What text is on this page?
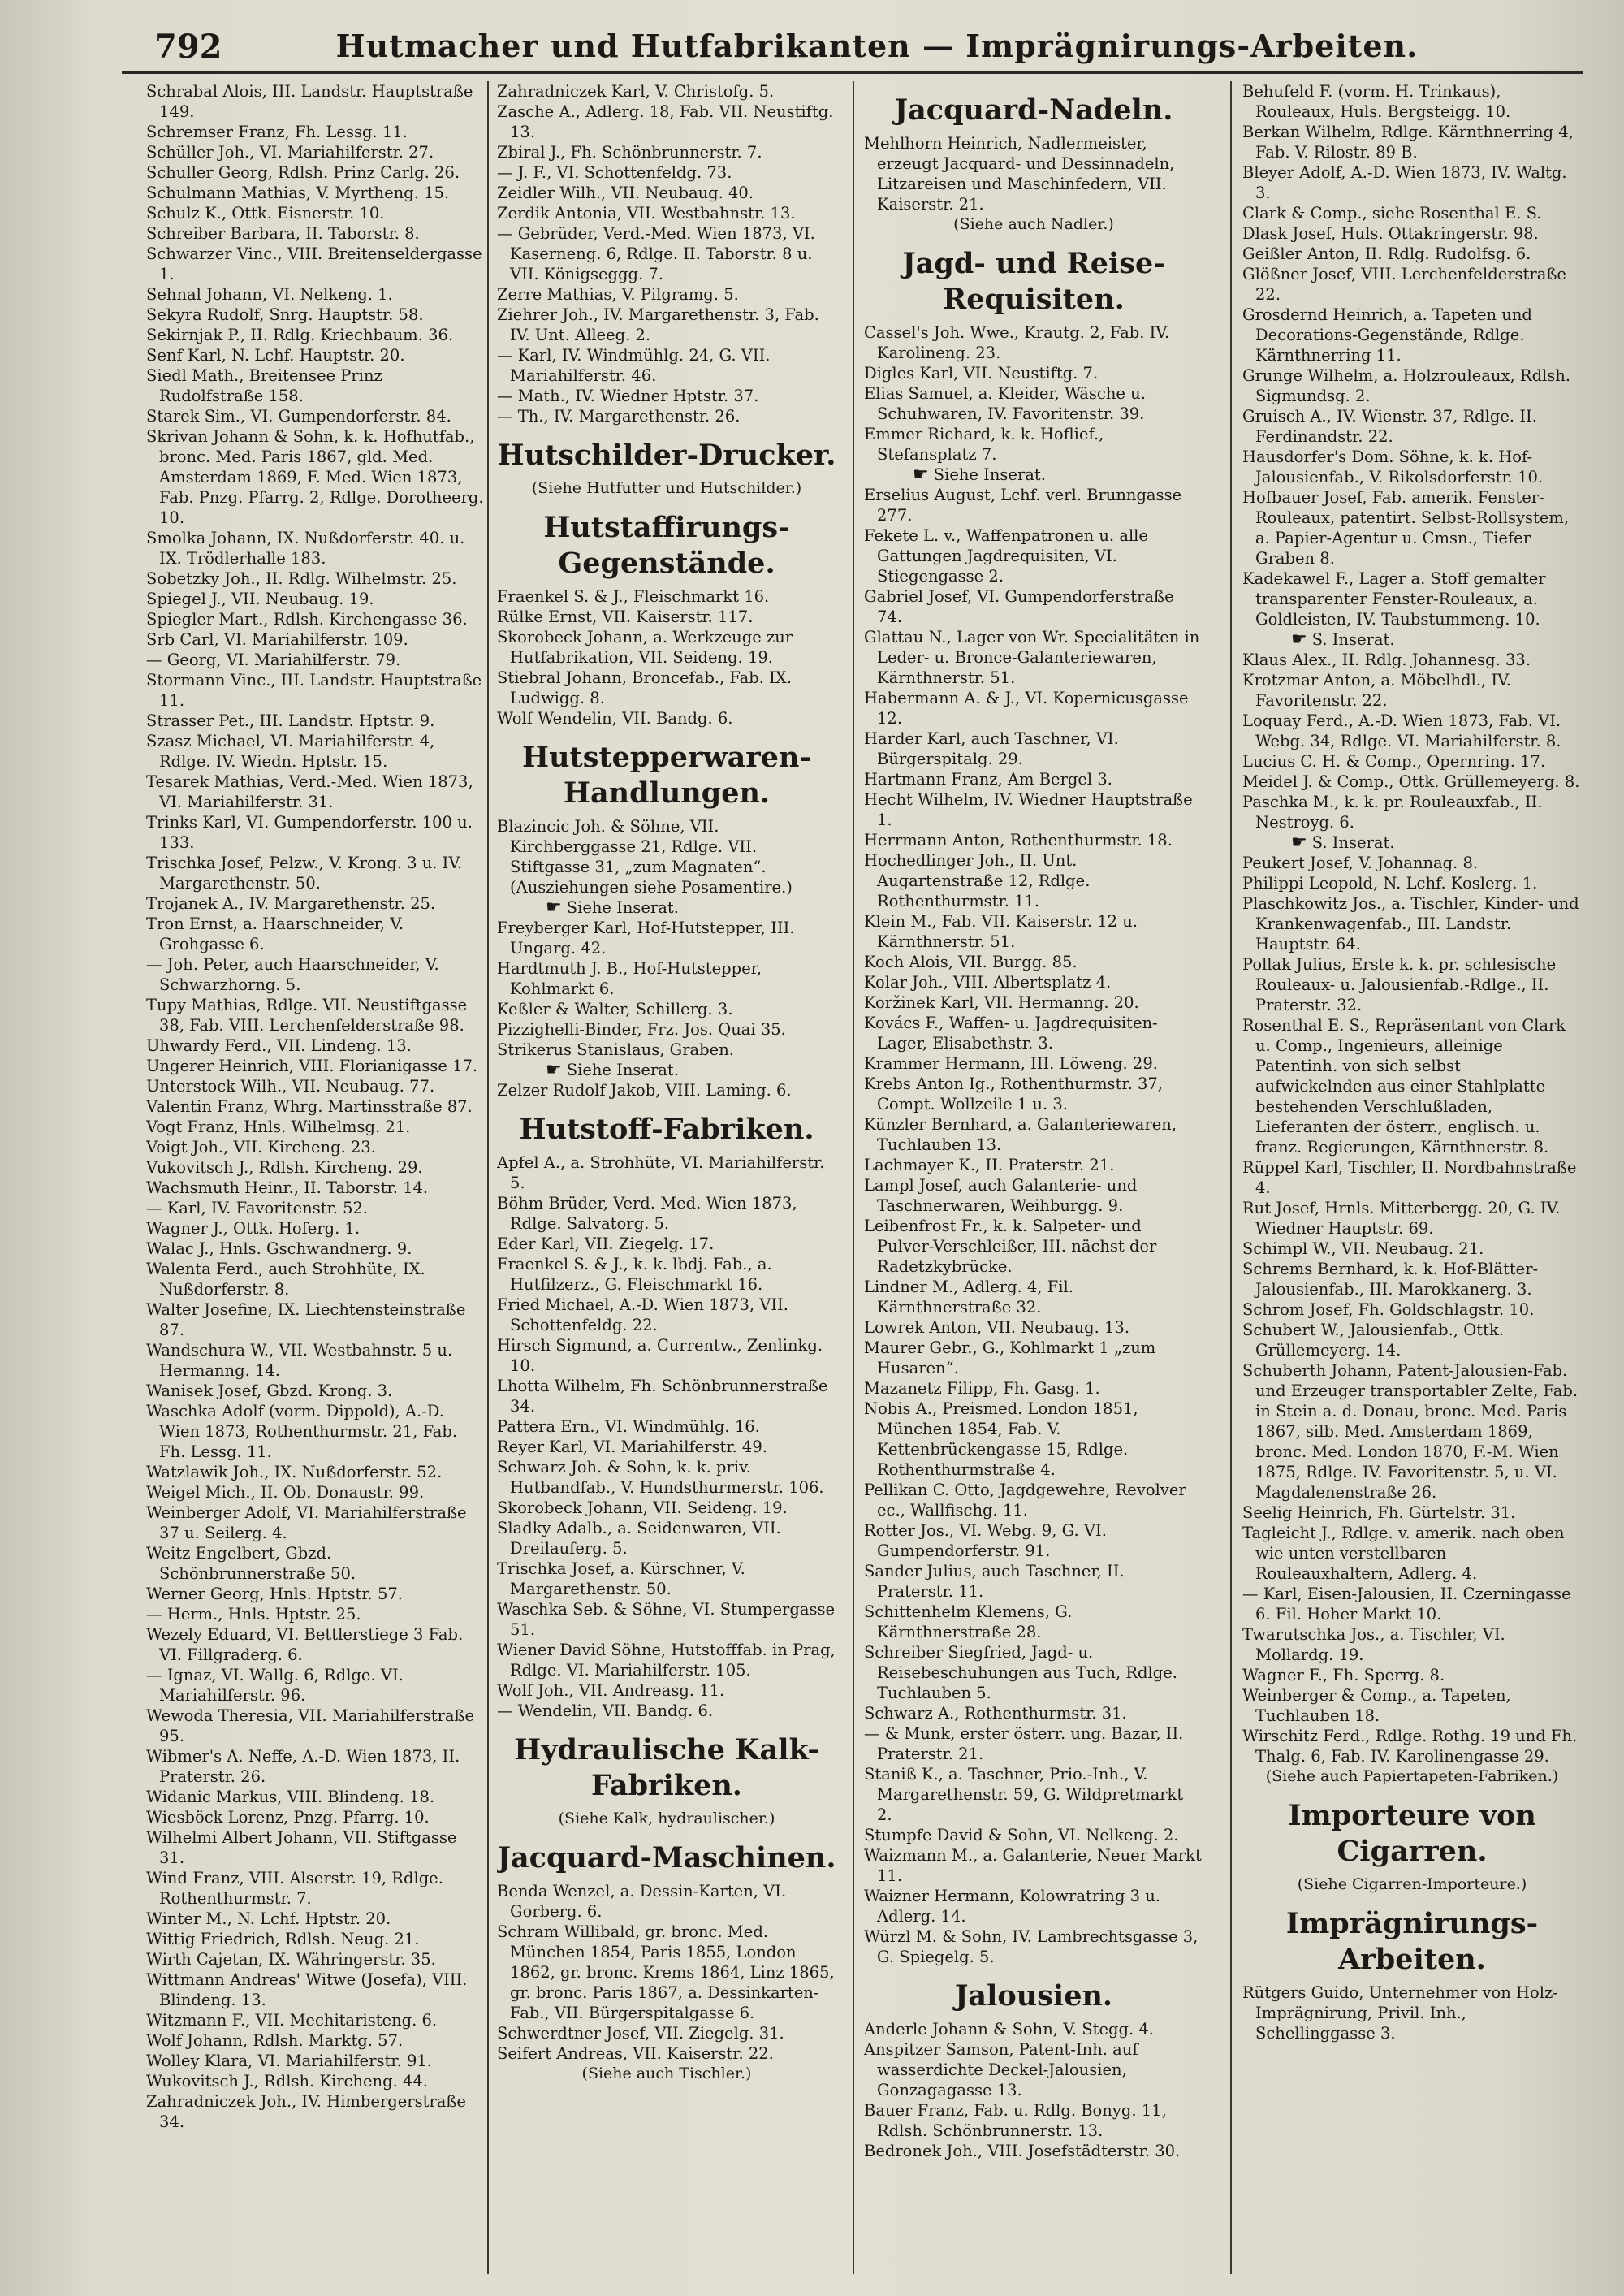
792	Hutmacher und Hutfabrikanten — Imprägnirungs-Arbeiten.

Schrabal Alois, III. Landstr. Hauptstraße 149.

Schremser Franz, Fh. Lessg. 11.

Schüller Joh., VI. Mariahilferstr. 27.

Schuller Georg, Rdlsh. Prinz Carlg. 26.

Schulmann Mathias, V. Myrtheng. 15.

Schulz K., Ottk. Eisnerstr. 10.

Schreiber Barbara, II. Taborstr. 8.

Schwarzer Vinc., VIII. Breitenseldergasse 1.

Sehnal Johann, VI. Nelkeng. 1.

Sekyra Rudolf, Snrg. Hauptstr. 58.

Sekirnjak P., II. Rdlg. Kriechbaum. 36.

Senf Karl, N. Lchf. Hauptstr. 20.

Siedl Math., Breitensee Prinz Rudolfstraße 158.

Starek Sim., VI. Gumpendorferstr. 84.

Skrivan Johann & Sohn, k. k. Hofhutfab., bronc. Med. Paris 1867, gld. Med. Amsterdam 1869, F. Med. Wien 1873, Fab. Pnzg. Pfarrg. 2, Rdlge. Dorotheerg. 10.

Smolka Johann, IX. Nußdorferstr. 40. u. IX. Trödlerhalle 183.

Sobetzky Joh., II. Rdlg. Wilhelmstr. 25.

Spiegel J., VII. Neubaug. 19.

Spiegler Mart., Rdlsh. Kirchengasse 36.

Srb Carl, VI. Mariahilferstr. 109.

— Georg, VI. Mariahilferstr. 79.

Stormann Vinc., III. Landstr. Hauptstraße 11.

Strasser Pet., III. Landstr. Hptstr. 9.

Szasz Michael, VI. Mariahilferstr. 4, Rdlge. IV. Wiedn. Hptstr. 15.

Tesarek Mathias, Verd.-Med. Wien 1873, VI. Mariahilferstr. 31.

Trinks Karl, VI. Gumpendorferstr. 100 u. 133.

Trischka Josef, Pelzw., V. Krong. 3 u. IV. Margarethenstr. 50.

Trojanek A., IV. Margarethenstr. 25.

Tron Ernst, a. Haarschneider, V. Grohgasse 6.

— Joh. Peter, auch Haarschneider, V. Schwarzhorng. 5.

Tupy Mathias, Rdlge. VII. Neustiftgasse 38, Fab. VIII. Lerchenfelderstraße 98.

Uhwardy Ferd., VII. Lindeng. 13.

Ungerer Heinrich, VIII. Florianigasse 17.

Unterstock Wilh., VII. Neubaug. 77.

Valentin Franz, Whrg. Martinsstraße 87.

Vogt Franz, Hnls. Wilhelmsg. 21.

Voigt Joh., VII. Kircheng. 23.

Vukovitsch J., Rdlsh. Kircheng. 29.

Wachsmuth Heinr., II. Taborstr. 14.

— Karl, IV. Favoritenstr. 52.

Wagner J., Ottk. Hoferg. 1.

Walac J., Hnls. Gschwandnerg. 9.

Walenta Ferd., auch Strohhüte, IX. Nußdorferstr. 8.

Walter Josefine, IX. Liechtensteinstraße 87.

Wandschura W., VII. Westbahnstr. 5 u. Hermanng. 14.

Wanisek Josef, Gbzd. Krong. 3.

Waschka Adolf (vorm. Dippold), A.-D. Wien 1873, Rothenthurmstr. 21, Fab. Fh. Lessg. 11.

Watzlawik Joh., IX. Nußdorferstr. 52.

Weigel Mich., II. Ob. Donaustr. 99.

Weinberger Adolf, VI. Mariahilferstraße 37 u. Seilerg. 4.

Weitz Engelbert, Gbzd. Schönbrunnerstraße 50.

Werner Georg, Hnls. Hptstr. 57.

— Herm., Hnls. Hptstr. 25.

Wezely Eduard, VI. Bettlerstiege 3 Fab. VI. Fillgraderg. 6.

— Ignaz, VI. Wallg. 6, Rdlge. VI. Mariahilferstr. 96.

Wewoda Theresia, VII. Mariahilferstraße 95.

Wibmer's A. Neffe, A.-D. Wien 1873, II. Praterstr. 26.

Widanic Markus, VIII. Blindeng. 18.

Wiesböck Lorenz, Pnzg. Pfarrg. 10.

Wilhelmi Albert Johann, VII. Stiftgasse 31.

Wind Franz, VIII. Alserstr. 19, Rdlge. Rothenthurmstr. 7.

Winter M., N. Lchf. Hptstr. 20.

Wittig Friedrich, Rdlsh. Neug. 21.

Wirth Cajetan, IX. Währingerstr. 35.

Wittmann Andreas' Witwe (Josefa), VIII. Blindeng. 13.

Witzmann F., VII. Mechitaristeng. 6.

Wolf Johann, Rdlsh. Marktg. 57.

Wolley Klara, VI. Mariahilferstr. 91.

Wukovitsch J., Rdlsh. Kircheng. 44.

Zahradniczek Joh., IV. Himbergerstraße 34.

Zahradniczek Karl, V. Christofg. 5.

Zasche A., Adlerg. 18, Fab. VII. Neustiftg. 13.

Zbiral J., Fh. Schönbrunnerstr. 7.

— J. F., VI. Schottenfeldg. 73.

Zeidler Wilh., VII. Neubaug. 40.

Zerdik Antonia, VII. Westbahnstr. 13.

— Gebrüder, Verd.-Med. Wien 1873, VI. Kaserneng. 6, Rdlge. II. Taborstr. 8 u. VII. Königseggg. 7.

Zerre Mathias, V. Pilgramg. 5.

Ziehrer Joh., IV. Margarethenstr. 3, Fab. IV. Unt. Alleeg. 2.

— Karl, IV. Windmühlg. 24, G. VII. Mariahilferstr. 46.

— Math., IV. Wiedner Hptstr. 37.

— Th., IV. Margarethenstr. 26.

Hutschilder-Drucker.

(Siehe Hutfutter und Hutschilder.)

Hutstaffirungs-Gegenstände.

Fraenkel S. & J., Fleischmarkt 16.

Rülke Ernst, VII. Kaiserstr. 117.

Skorobeck Johann, a. Werkzeuge zur Hutfabrikation, VII. Seideng. 19.

Stiebral Johann, Broncefab., Fab. IX. Ludwigg. 8.

Wolf Wendelin, VII. Bandg. 6.

Hutstepperwaren-Handlungen.

Blazincic Joh. & Söhne, VII. Kirchberggasse 21, Rdlge. VII. Stiftgasse 31, „zum Magnaten“. (Ausziehungen siehe Posamentire.)

☛ Siehe Inserat.

Freyberger Karl, Hof-Hutstepper, III. Ungarg. 42.

Hardtmuth J. B., Hof-Hutstepper, Kohlmarkt 6.

Keßler & Walter, Schillerg. 3.

Pizzighelli-Binder, Frz. Jos. Quai 35.

Strikerus Stanislaus, Graben.

☛ Siehe Inserat.

Zelzer Rudolf Jakob, VIII. Laming. 6.

Hutstoff-Fabriken.

Apfel A., a. Strohhüte, VI. Mariahilferstr. 5.

Böhm Brüder, Verd. Med. Wien 1873, Rdlge. Salvatorg. 5.

Eder Karl, VII. Ziegelg. 17.

Fraenkel S. & J., k. k. lbdj. Fab., a. Hutfilzerz., G. Fleischmarkt 16.

Fried Michael, A.-D. Wien 1873, VII. Schottenfeldg. 22.

Hirsch Sigmund, a. Currentw., Zenlinkg. 10.

Lhotta Wilhelm, Fh. Schönbrunnerstraße 34.

Pattera Ern., VI. Windmühlg. 16.

Reyer Karl, VI. Mariahilferstr. 49.

Schwarz Joh. & Sohn, k. k. priv. Hutbandfab., V. Hundsthurmerstr. 106.

Skorobeck Johann, VII. Seideng. 19.

Sladky Adalb., a. Seidenwaren, VII. Dreilauferg. 5.

Trischka Josef, a. Kürschner, V. Margarethenstr. 50.

Waschka Seb. & Söhne, VI. Stumpergasse 51.

Wiener David Söhne, Hutstofffab. in Prag, Rdlge. VI. Mariahilferstr. 105.

Wolf Joh., VII. Andreasg. 11.

— Wendelin, VII. Bandg. 6.

Hydraulische Kalk-Fabriken.

(Siehe Kalk, hydraulischer.)

Jacquard-Maschinen.

Benda Wenzel, a. Dessin-Karten, VI. Gorberg. 6.

Schram Willibald, gr. bronc. Med. München 1854, Paris 1855, London 1862, gr. bronc. Krems 1864, Linz 1865, gr. bronc. Paris 1867, a. Dessinkarten-Fab., VII. Bürgerspitalgasse 6.

Schwerdtner Josef, VII. Ziegelg. 31.

Seifert Andreas, VII. Kaiserstr. 22.

(Siehe auch Tischler.)

Jacquard-Nadeln.

Mehlhorn Heinrich, Nadlermeister, erzeugt Jacquard- und Dessinnadeln, Litzareisen und Maschinfedern, VII. Kaiserstr. 21.

(Siehe auch Nadler.)

Jagd- und Reise-Requisiten.

Cassel's Joh. Wwe., Krautg. 2, Fab. IV. Karolineng. 23.

Digles Karl, VII. Neustiftg. 7.

Elias Samuel, a. Kleider, Wäsche u. Schuhwaren, IV. Favoritenstr. 39.

Emmer Richard, k. k. Hoflief., Stefansplatz 7.

☛ Siehe Inserat.

Erselius August, Lchf. verl. Brunngasse 277.

Fekete L. v., Waffenpatronen u. alle Gattungen Jagdrequisiten, VI. Stiegengasse 2.

Gabriel Josef, VI. Gumpendorferstraße 74.

Glattau N., Lager von Wr. Specialitäten in Leder- u. Bronce-Galanteriewaren, Kärnthnerstr. 51.

Habermann A. & J., VI. Kopernicusgasse 12.

Harder Karl, auch Taschner, VI. Bürgerspitalg. 29.

Hartmann Franz, Am Bergel 3.

Hecht Wilhelm, IV. Wiedner Hauptstraße 1.

Herrmann Anton, Rothenthurmstr. 18.

Hochedlinger Joh., II. Unt. Augartenstraße 12, Rdlge. Rothenthurmstr. 11.

Klein M., Fab. VII. Kaiserstr. 12 u. Kärnthnerstr. 51.

Koch Alois, VII. Burgg. 85.

Kolar Joh., VIII. Albertsplatz 4.

Koržinek Karl, VII. Hermanng. 20.

Kovács F., Waffen- u. Jagdrequisiten-Lager, Elisabethstr. 3.

Krammer Hermann, III. Löweng. 29.

Krebs Anton Ig., Rothenthurmstr. 37, Compt. Wollzeile 1 u. 3.

Künzler Bernhard, a. Galanteriewaren, Tuchlauben 13.

Lachmayer K., II. Praterstr. 21.

Lampl Josef, auch Galanterie- und Taschnerwaren, Weihburgg. 9.

Leibenfrost Fr., k. k. Salpeter- und Pulver-Verschleißer, III. nächst der Radetzkybrücke.

Lindner M., Adlerg. 4, Fil. Kärnthnerstraße 32.

Lowrek Anton, VII. Neubaug. 13.

Maurer Gebr., G., Kohlmarkt 1 „zum Husaren“.

Mazanetz Filipp, Fh. Gasg. 1.

Nobis A., Preismed. London 1851, München 1854, Fab. V. Kettenbrückengasse 15, Rdlge. Rothenthurmstraße 4.

Pellikan C. Otto, Jagdgewehre, Revolver ec., Wallfischg. 11.

Rotter Jos., VI. Webg. 9, G. VI. Gumpendorferstr. 91.

Sander Julius, auch Taschner, II. Praterstr. 11.

Schittenhelm Klemens, G. Kärnthnerstraße 28.

Schreiber Siegfried, Jagd- u. Reisebeschuhungen aus Tuch, Rdlge. Tuchlauben 5.

Schwarz A., Rothenthurmstr. 31.

— & Munk, erster österr. ung. Bazar, II. Praterstr. 21.

Staniß K., a. Taschner, Prio.-Inh., V. Margarethenstr. 59, G. Wildpretmarkt 2.

Stumpfe David & Sohn, VI. Nelkeng. 2.

Waizmann M., a. Galanterie, Neuer Markt 11.

Waizner Hermann, Kolowratring 3 u. Adlerg. 14.

Würzl M. & Sohn, IV. Lambrechtsgasse 3, G. Spiegelg. 5.

Jalousien.

Anderle Johann & Sohn, V. Stegg. 4.

Anspitzer Samson, Patent-Inh. auf wasserdichte Deckel-Jalousien, Gonzagagasse 13.

Bauer Franz, Fab. u. Rdlg. Bonyg. 11, Rdlsh. Schönbrunnerstr. 13.

Bedronek Joh., VIII. Josefstädterstr. 30.

Behufeld F. (vorm. H. Trinkaus), Rouleaux, Huls. Bergsteigg. 10.

Berkan Wilhelm, Rdlge. Kärnthnerring 4, Fab. V. Rilostr. 89 B.

Bleyer Adolf, A.-D. Wien 1873, IV. Waltg. 3.

Clark & Comp., siehe Rosenthal E. S.

Dlask Josef, Huls. Ottakringerstr. 98.

Geißler Anton, II. Rdlg. Rudolfsg. 6.

Glößner Josef, VIII. Lerchenfelderstraße 22.

Grosdernd Heinrich, a. Tapeten und Decorations-Gegenstände, Rdlge. Kärnthnerring 11.

Grunge Wilhelm, a. Holzrouleaux, Rdlsh. Sigmundsg. 2.

Gruisch A., IV. Wienstr. 37, Rdlge. II. Ferdinandstr. 22.

Hausdorfer's Dom. Söhne, k. k. Hof-Jalousienfab., V. Rikolsdorferstr. 10.

Hofbauer Josef, Fab. amerik. Fenster-Rouleaux, patentirt. Selbst-Rollsystem, a. Papier-Agentur u. Cmsn., Tiefer Graben 8.

Kadekawel F., Lager a. Stoff gemalter transparenter Fenster-Rouleaux, a. Goldleisten, IV. Taubstummeng. 10.

☛ S. Inserat.

Klaus Alex., II. Rdlg. Johannesg. 33.

Krotzmar Anton, a. Möbelhdl., IV. Favoritenstr. 22.

Loquay Ferd., A.-D. Wien 1873, Fab. VI. Webg. 34, Rdlge. VI. Mariahilferstr. 8.

Lucius C. H. & Comp., Opernring. 17.

Meidel J. & Comp., Ottk. Grüllemeyerg. 8.

Paschka M., k. k. pr. Rouleauxfab., II. Nestroyg. 6.

☛ S. Inserat.

Peukert Josef, V. Johannag. 8.

Philippi Leopold, N. Lchf. Koslerg. 1.

Plaschkowitz Jos., a. Tischler, Kinder- und Krankenwagenfab., III. Landstr. Hauptstr. 64.

Pollak Julius, Erste k. k. pr. schlesische Rouleaux- u. Jalousienfab.-Rdlge., II. Praterstr. 32.

Rosenthal E. S., Repräsentant von Clark u. Comp., Ingenieurs, alleinige Patentinh. von sich selbst aufwickelnden aus einer Stahlplatte bestehenden Verschlußladen, Lieferanten der österr., englisch. u. franz. Regierungen, Kärnthnerstr. 8.

Rüppel Karl, Tischler, II. Nordbahnstraße 4.

Rut Josef, Hrnls. Mitterbergg. 20, G. IV. Wiedner Hauptstr. 69.

Schimpl W., VII. Neubaug. 21.

Schrems Bernhard, k. k. Hof-Blätter-Jalousienfab., III. Marokkanerg. 3.

Schrom Josef, Fh. Goldschlagstr. 10.

Schubert W., Jalousienfab., Ottk. Grüllemeyerg. 14.

Schuberth Johann, Patent-Jalousien-Fab. und Erzeuger transportabler Zelte, Fab. in Stein a. d. Donau, bronc. Med. Paris 1867, silb. Med. Amsterdam 1869, bronc. Med. London 1870, F.-M. Wien 1875, Rdlge. IV. Favoritenstr. 5, u. VI. Magdalenenstraße 26.

Seelig Heinrich, Fh. Gürtelstr. 31.

Tagleicht J., Rdlge. v. amerik. nach oben wie unten verstellbaren Rouleauxhaltern, Adlerg. 4.

— Karl, Eisen-Jalousien, II. Czerningasse 6. Fil. Hoher Markt 10.

Twarutschka Jos., a. Tischler, VI. Mollardg. 19.

Wagner F., Fh. Sperrg. 8.

Weinberger & Comp., a. Tapeten, Tuchlauben 18.

Wirschitz Ferd., Rdlge. Rothg. 19 und Fh. Thalg. 6, Fab. IV. Karolinengasse 29.

(Siehe auch Papiertapeten-Fabriken.)

Importeure von Cigarren.

(Siehe Cigarren-Importeure.)

Imprägnirungs-Arbeiten.

Rütgers Guido, Unternehmer von Holz-Imprägnirung, Privil. Inh., Schellinggasse 3.
